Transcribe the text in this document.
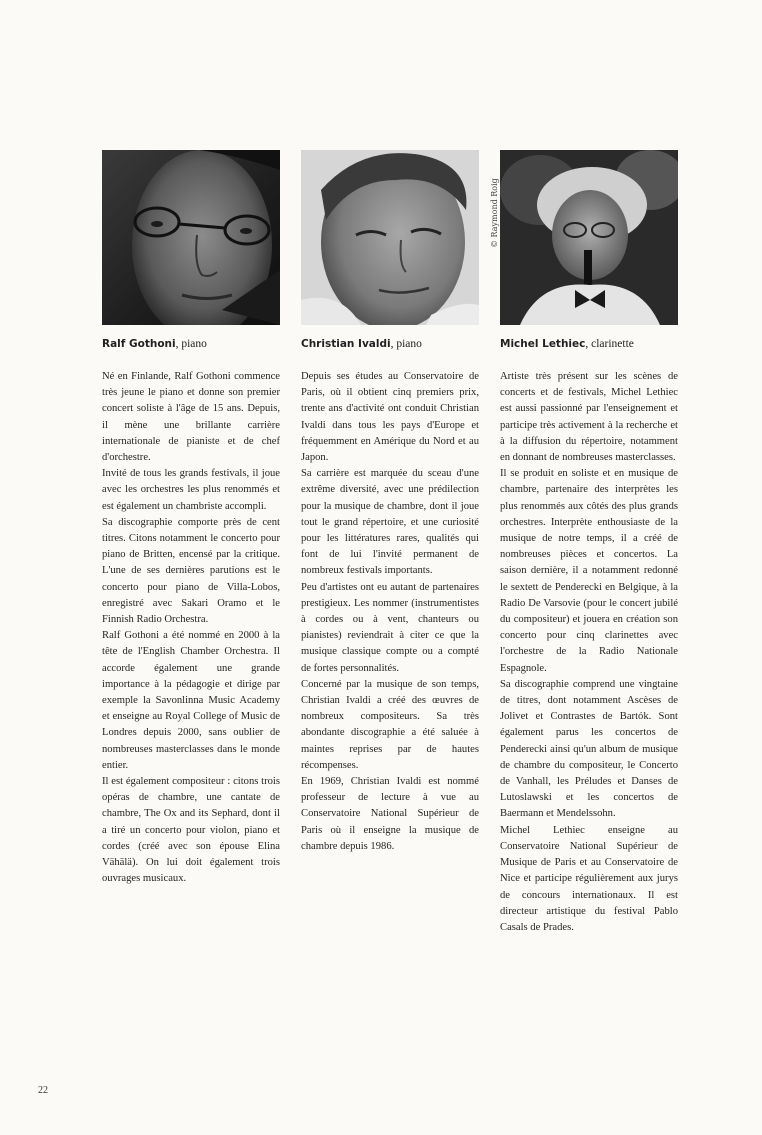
© Raymond Roig
Ralf Gothoni, piano

Né en Finlande, Ralf Gothoni commence très jeune le piano et donne son premier concert soliste à l'âge de 15 ans. Depuis, il mène une brillante carrière internationale de pianiste et de chef d'orchestre.

Invité de tous les grands festivals, il joue avec les orchestres les plus renommés et est également un chambriste accompli.

Sa discographie comporte près de cent titres. Citons notamment le concerto pour piano de Britten, encensé par la critique. L'une de ses dernières parutions est le concerto pour piano de Villa-Lobos, enregistré avec Sakari Oramo et le Finnish Radio Orchestra.

Ralf Gothoni a été nommé en 2000 à la tête de l'English Chamber Orchestra. Il accorde également une grande importance à la pédagogie et dirige par exemple la Savonlinna Music Academy et enseigne au Royal College of Music de Londres depuis 2000, sans oublier de nombreuses masterclasses dans le monde entier.

Il est également compositeur : citons trois opéras de chambre, une cantate de chambre, The Ox and its Sephard, dont il a tiré un concerto pour violon, piano et cordes (créé avec son épouse Elina Vähälä). On lui doit également trois ouvrages musicaux.

Christian Ivaldi, piano

Depuis ses études au Conservatoire de Paris, où il obtient cinq premiers prix, trente ans d'activité ont conduit Christian Ivaldi dans tous les pays d'Europe et fréquemment en Amérique du Nord et au Japon.

Sa carrière est marquée du sceau d'une extrême diversité, avec une prédilection pour la musique de chambre, dont il joue tout le grand répertoire, et une curiosité pour les littératures rares, qualités qui font de lui l'invité permanent de nombreux festivals importants.

Peu d'artistes ont eu autant de partenaires prestigieux. Les nommer (instrumentistes à cordes ou à vent, chanteurs ou pianistes) reviendrait à citer ce que la musique classique compte ou a compté de fortes personnalités.

Concerné par la musique de son temps, Christian Ivaldi a créé des œuvres de nombreux compositeurs. Sa très abondante discographie a été saluée à maintes reprises par de hautes récompenses.

En 1969, Christian Ivaldi est nommé professeur de lecture à vue au Conservatoire National Supérieur de Paris où il enseigne la musique de chambre depuis 1986.

Michel Lethiec, clarinette

Artiste très présent sur les scènes de concerts et de festivals, Michel Lethiec est aussi passionné par l'enseignement et participe très activement à la recherche et à la diffusion du répertoire, notamment en donnant de nombreuses masterclasses.

Il se produit en soliste et en musique de chambre, partenaire des interprètes les plus renommés aux côtés des plus grands orchestres. Interprète enthousiaste de la musique de notre temps, il a créé de nombreuses pièces et concertos. La saison dernière, il a notamment redonné le sextett de Penderecki en Belgique, à la Radio De Varsovie (pour le concert jubilé du compositeur) et jouera en création son concerto pour cinq clarinettes avec l'orchestre de la Radio Nationale Espagnole.

Sa discographie comprend une vingtaine de titres, dont notamment Ascèses de Jolivet et Contrastes de Bartók. Sont également parus les concertos de Penderecki ainsi qu'un album de musique de chambre du compositeur, le Concerto de Vanhall, les Préludes et Danses de Lutoslawski et les concertos de Baermann et Mendelssohn.

Michel Lethiec enseigne au Conservatoire National Supérieur de Musique de Paris et au Conservatoire de Nice et participe régulièrement aux jurys de concours internationaux. Il est directeur artistique du festival Pablo Casals de Prades.

22
